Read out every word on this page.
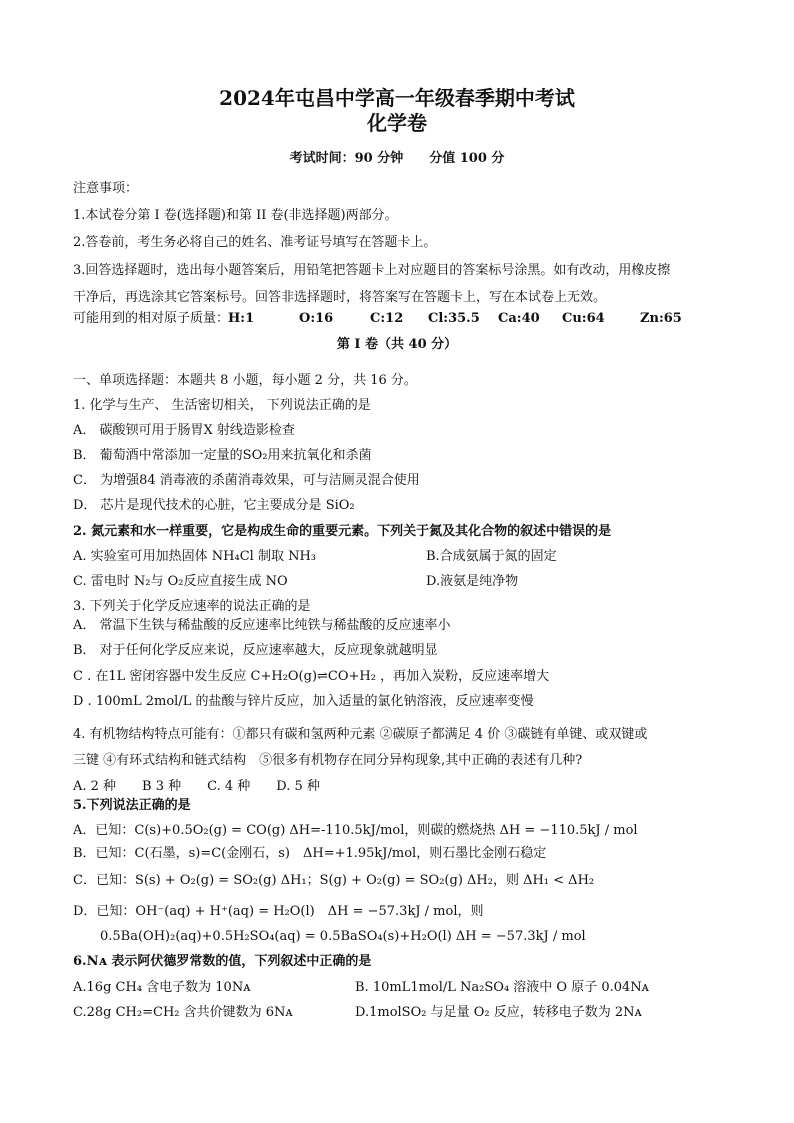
2024年屯昌中学高一年级春季期中考试
化学卷
考试时间：90 分钟　　分值 100 分
注意事项：
1.本试卷分第 I 卷(选择题)和第 II 卷(非选择题)两部分。
2.答卷前，考生务必将自己的姓名、准考证号填写在答题卡上。
3.回答选择题时，选出每小题答案后，用铅笔把答题卡上对应题目的答案标号涂黑。如有改动，用橡皮擦
干净后，再选涂其它答案标号。回答非选择题时，将答案写在答题卡上，写在本试卷上无效。
可能用到的相对原子质量：
H:1	O:16	C:12 Cl:35.5 Ca:40 Cu:64	Zn:65
第 I 卷（共 40 分）
一、单项选择题：本题共 8 小题，每小题 2 分，共 16 分。
1. 化学与生产、 生活密切相关， 下列说法正确的是
A． 碳酸钡可用于肠胃X 射线造影检查
B． 葡萄酒中常添加一定量的SO₂用来抗氧化和杀菌
C． 为增强84 消毒液的杀菌消毒效果，可与洁厕灵混合使用
D． 芯片是现代技术的心脏，它主要成分是 SiO₂
2. 氮元素和水一样重要，它是构成生命的重要元素。下列关于氮及其化合物的叙述中错误的是
A. 实验室可用加热固体 NH₄Cl 制取 NH₃	B.合成氨属于氮的固定
C. 雷电时 N₂与 O₂反应直接生成 NO	D.液氨是纯净物
3. 下列关于化学反应速率的说法正确的是
A． 常温下生铁与稀盐酸的反应速率比纯铁与稀盐酸的反应速率小
B． 对于任何化学反应来说，反应速率越大，反应现象就越明显
C . 在1L 密闭容器中发生反应 C+H₂O(g)⇌CO+H₂ ，再加入炭粉，反应速率增大
D . 100mL 2mol/L 的盐酸与锌片反应，加入适量的氯化钠溶液，反应速率变慢
4. 有机物结构特点可能有：①都只有碳和氢两种元素 ②碳原子都满足 4 价 ③碳链有单键、或双键或
三键 ④有环式结构和链式结构　⑤很多有机物存在同分异构现象,其中正确的表述有几种?
A. 2 种　　B 3 种　　C. 4 种　　D. 5 种
5.下列说法正确的是
A．已知：C(s)+0.5O₂(g) = CO(g) ΔH=-110.5kJ/mol，则碳的燃烧热 ΔH = −110.5kJ / mol
B．已知：C(石墨，s)=C(金刚石，s)　ΔH=+1.95kJ/mol，则石墨比金刚石稳定
C．已知：S(s) + O₂(g) = SO₂(g) ΔH₁；S(g) + O₂(g) = SO₂(g) ΔH₂，则 ΔH₁ < ΔH₂
D．已知：OH⁻(aq) + H⁺(aq) = H₂O(l)　ΔH = −57.3kJ / mol，则
0.5Ba(OH)₂(aq)+0.5H₂SO₄(aq) = 0.5BaSO₄(s)+H₂O(l) ΔH = −57.3kJ / mol
6.Nᴀ 表示阿伏德罗常数的值，下列叙述中正确的是
A.16g CH₄ 含电子数为 10Nᴀ	B. 10mL1mol/L Na₂SO₄ 溶液中 O 原子 0.04Nᴀ
C.28g CH₂=CH₂ 含共价键数为 6Nᴀ	D.1molSO₂ 与足量 O₂ 反应，转移电子数为 2Nᴀ
